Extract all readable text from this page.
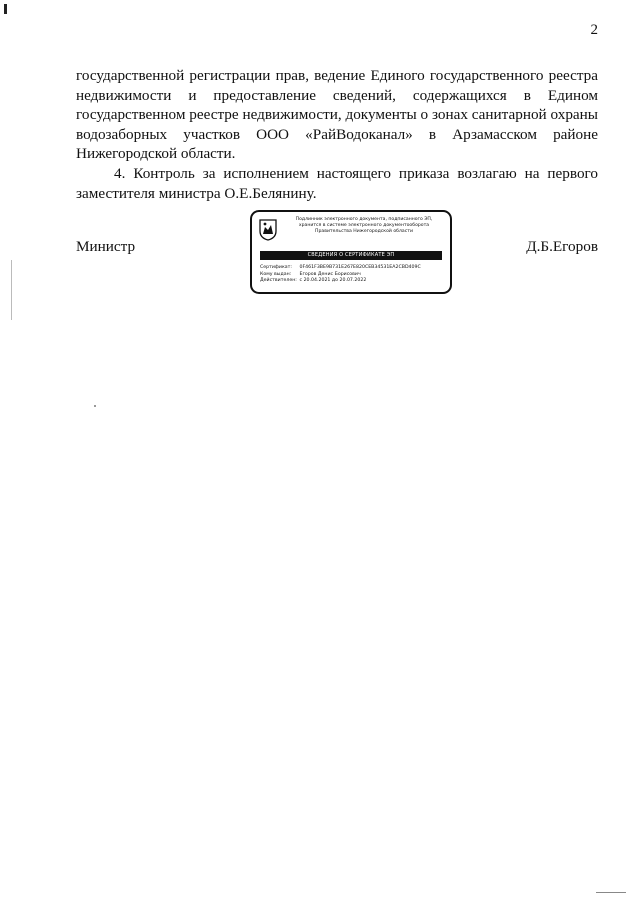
2

государственной регистрации прав, ведение Единого государственного реестра
недвижимости и предоставление сведений, содержащихся в Едином
государственном реестре недвижимости, документы о зонах санитарной охраны
водозаборных участков ООО «РайВодоканал» в Арзамасском районе
Нижегородской области.

4. Контроль за исполнением настоящего приказа возлагаю на первого
заместителя министра О.Е.Белянину.

Министр	Д.Б.Егоров
Подлинник электронного документа, подписанного ЭП,
хранится в системе электронного документооборота
Правительства Нижегородской области
СВЕДЕНИЯ О СЕРТИФИКАТЕ ЭП
Сертификат: 0F461F3BE9B731E267E820CEB34531EA2CBD409C
Кому выдан: Егоров Денис Борисович
Действителен: с 20.04.2021 до 20.07.2022
